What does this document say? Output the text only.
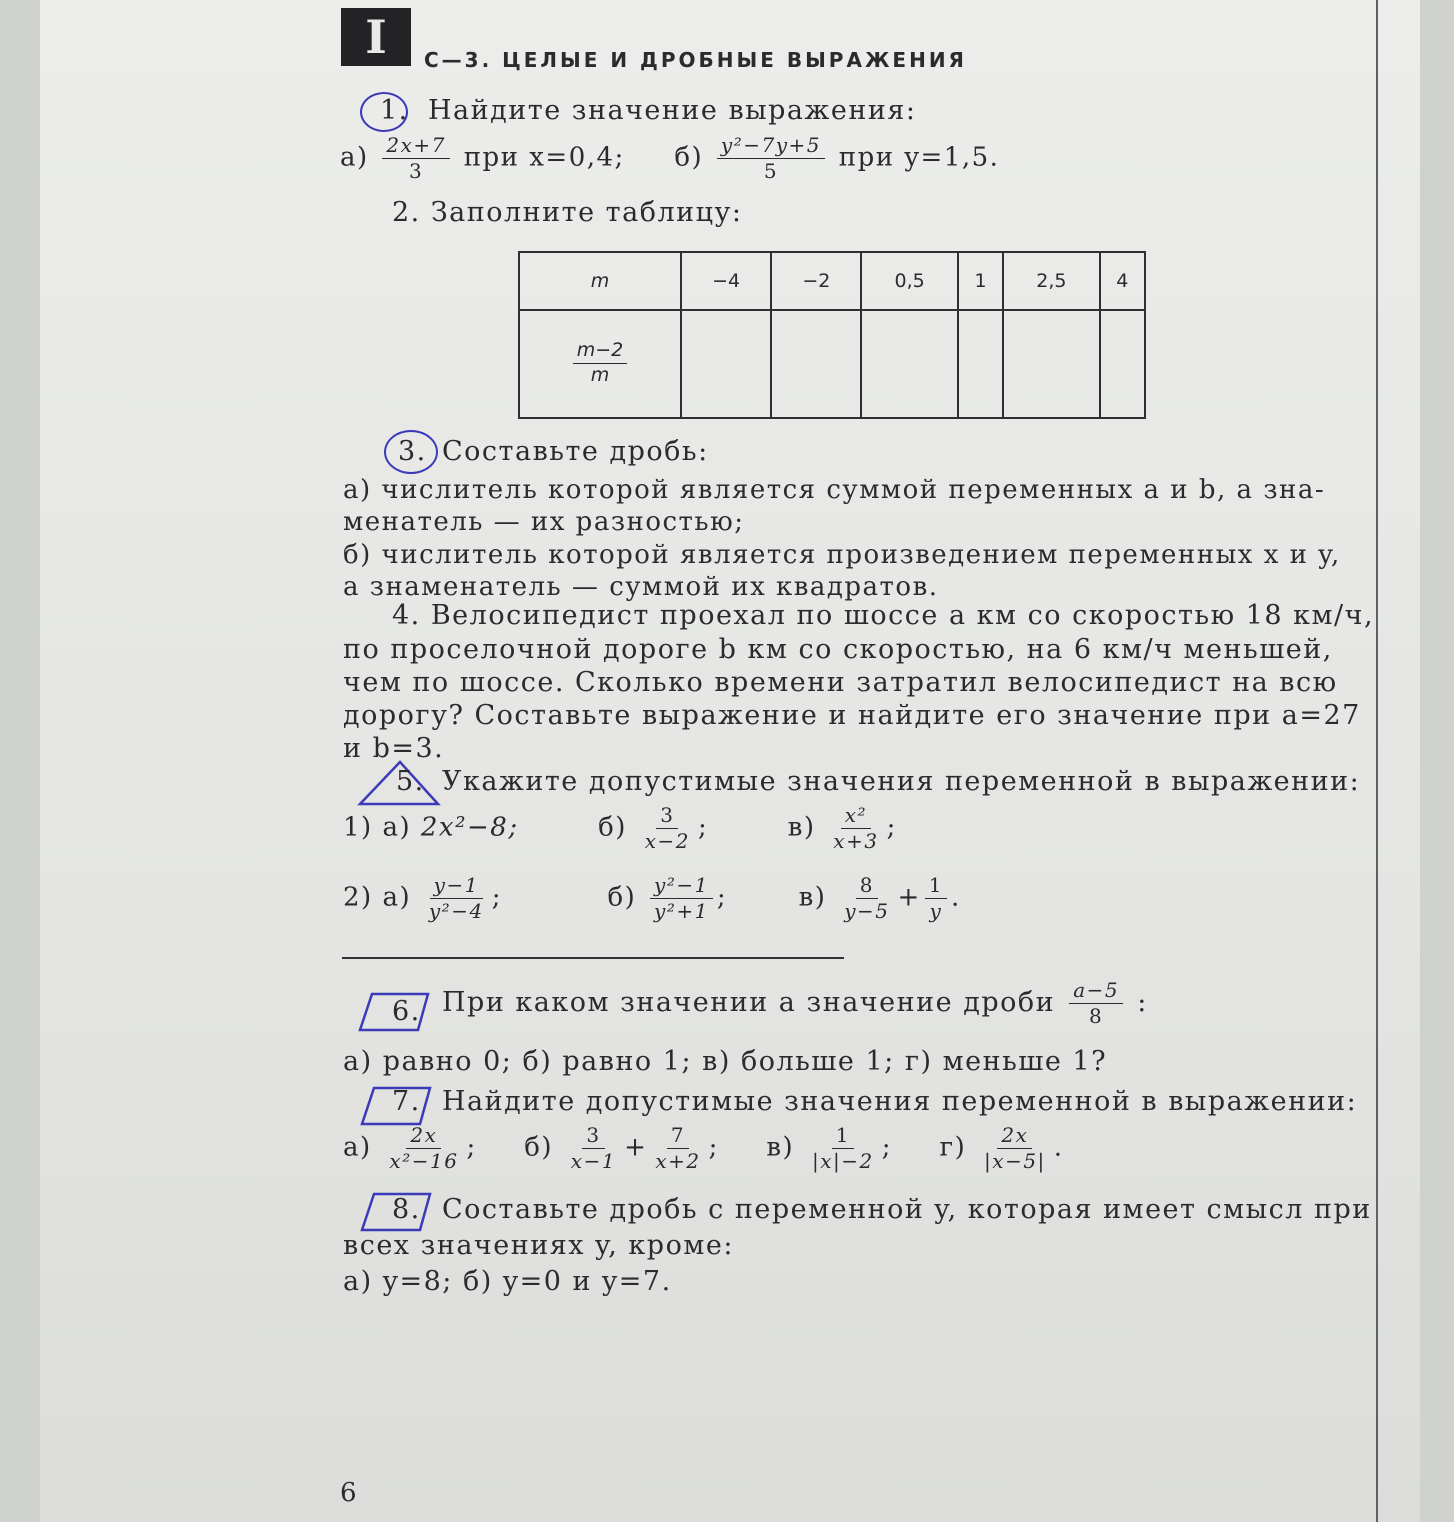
I	С—3. ЦЕЛЫЕ И ДРОБНЫЕ ВЫРАЖЕНИЯ
1. Найдите значение выражения:
$а) \frac{2x+7}{3}$ при x=0,4; $б) \frac{\text{y²−7y+5}}{5}$ при y=1,5.
2. Заполните таблицу:
m	−4	−2	0,5	1	2,5	4

$\frac{m-2}{m}$

3. Составьте дробь:
а) числитель которой является суммой переменных a и b, а зна-
менатель — их разностью;
б) числитель которой является произведением переменных x и y,
а знаменатель — суммой их квадратов.
4. Велосипедист проехал по шоссе a км со скоростью 18 км/ч,
по проселочной дороге b км со скоростью, на 6 км/ч меньшей,
чем по шоссе. Сколько времени затратил велосипедист на всю
дорогу? Составьте выражение и найдите его значение при a=27
и b=3.
5. Укажите допустимые значения переменной в выражении:
1) а) 2x²−8;	$б) \frac{3}{x-2}$ ;	$в) \frac{\text{x²}}{x+3}$ ;
2) $а) \frac{y-1}{\text{y²−4}}$ ;	$б) \frac{\text{y²−1}}{\text{y²+1}}$ ;	$в) \frac{8}{y-5} + \frac{1}{y}$ .
6. При каком значении a значение дроби $\frac{a-5}{8}$ :
а) равно 0; б) равно 1; в) больше 1; г) меньше 1?
7. Найдите допустимые значения переменной в выражении:
$а) \frac{2x}{\text{x²−16}}$ ; $б) \frac{3}{x-1} + \frac{7}{x+2}$ ; $в) \frac{1}{|x|-2}$ ; $г) \frac{2x}{|x-5|}$ .
8. Составьте дробь с переменной y, которая имеет смысл при
всех значениях y, кроме:
а) y=8; б) y=0 и y=7.
6
